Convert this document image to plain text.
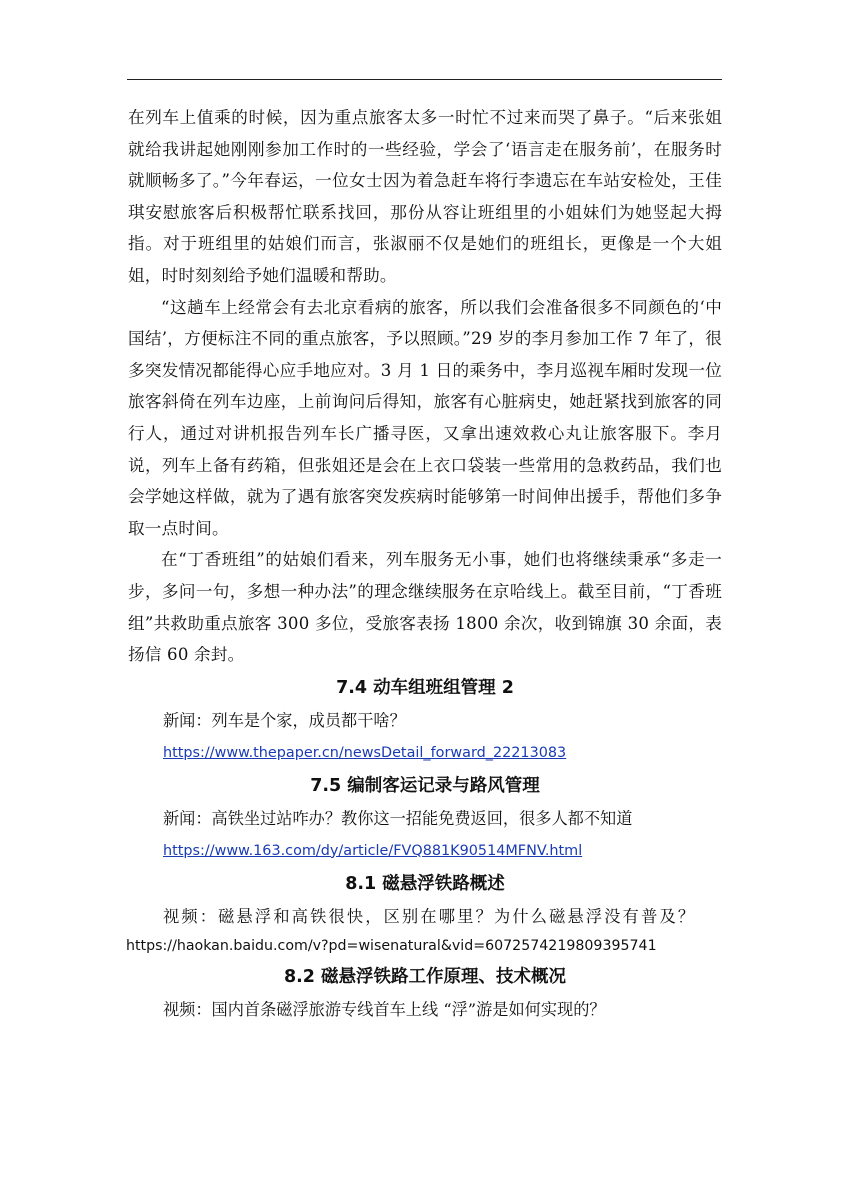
在列车上值乘的时候，因为重点旅客太多一时忙不过来而哭了鼻子。“后来张姐就给我讲起她刚刚参加工作时的一些经验，学会了‘语言走在服务前’，在服务时就顺畅多了。”今年春运，一位女士因为着急赶车将行李遗忘在车站安检处，王佳琪安慰旅客后积极帮忙联系找回，那份从容让班组里的小姐妹们为她竖起大拇指。对于班组里的姑娘们而言，张淑丽不仅是她们的班组长，更像是一个大姐姐，时时刻刻给予她们温暖和帮助。

“这趟车上经常会有去北京看病的旅客，所以我们会准备很多不同颜色的‘中国结’，方便标注不同的重点旅客，予以照顾。”29 岁的李月参加工作 7 年了，很多突发情况都能得心应手地应对。3 月 1 日的乘务中，李月巡视车厢时发现一位旅客斜倚在列车边座，上前询问后得知，旅客有心脏病史，她赶紧找到旅客的同行人，通过对讲机报告列车长广播寻医，又拿出速效救心丸让旅客服下。李月说，列车上备有药箱，但张姐还是会在上衣口袋装一些常用的急救药品，我们也会学她这样做，就为了遇有旅客突发疾病时能够第一时间伸出援手，帮他们多争取一点时间。

在“丁香班组”的姑娘们看来，列车服务无小事，她们也将继续秉承“多走一步，多问一句，多想一种办法”的理念继续服务在京哈线上。截至目前，“丁香班组”共救助重点旅客 300 多位，受旅客表扬 1800 余次，收到锦旗 30 余面，表扬信 60 余封。

7.4 动车组班组管理 2

新闻：列车是个家，成员都干啥？

https://www.thepaper.cn/newsDetail_forward_22213083

7.5 编制客运记录与路风管理

新闻：高铁坐过站咋办？教你这一招能免费返回，很多人都不知道

https://www.163.com/dy/article/FVQ881K90514MFNV.html

8.1 磁悬浮铁路概述

视频：磁悬浮和高铁很快，区别在哪里？为什么磁悬浮没有普及？

https://haokan.baidu.com/v?pd=wisenatural&vid=6072574219809395741

8.2 磁悬浮铁路工作原理、技术概况

视频：国内首条磁浮旅游专线首车上线 “浮”游是如何实现的？
